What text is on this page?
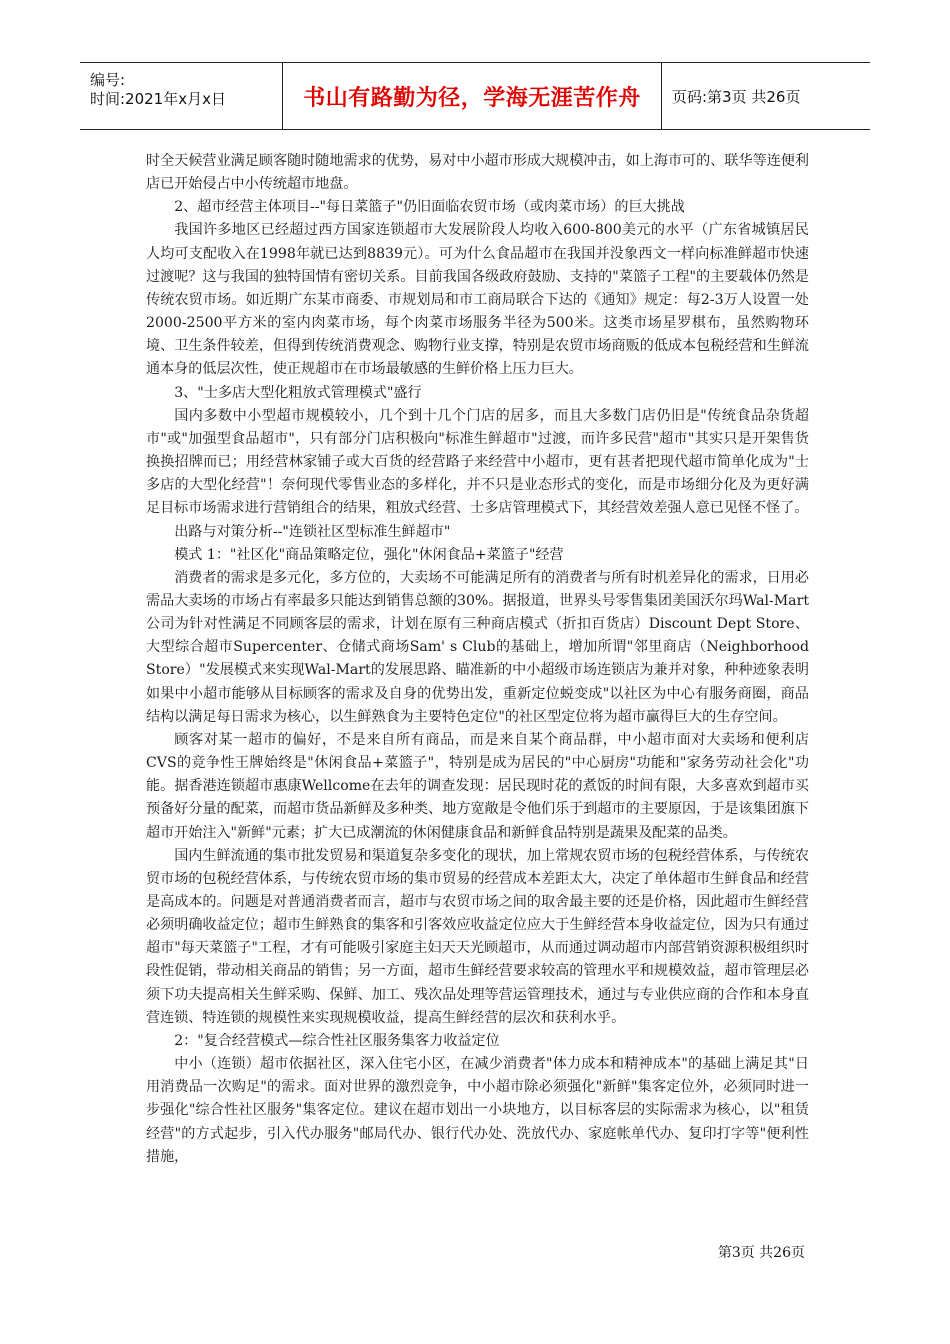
编号:
时间:2021年x月x日	书山有路勤为径，学海无涯苦作舟	页码:第3页 共26页

时全天候营业满足顾客随时随地需求的优势，易对中小超市形成大规模冲击，如上海市可的、联华等连便利店已开始侵占中小传统超市地盘。

2、超市经营主体项目--"每日菜篮子"仍旧面临农贸市场（或肉菜市场）的巨大挑战

我国许多地区已经超过西方国家连锁超市大发展阶段人均收入600-800美元的水平（广东省城镇居民人均可支配收入在1998年就已达到8839元）。可为什么食品超市在我国并没象西文一样向标准鲜超市快速过渡呢？这与我国的独特国情有密切关系。目前我国各级政府鼓励、支持的"菜篮子工程"的主要载体仍然是传统农贸市场。如近期广东某市商委、市规划局和市工商局联合下达的《通知》规定：每2-3万人设置一处2000-2500平方米的室内肉菜市场，每个肉菜市场服务半径为500米。这类市场星罗棋布，虽然购物环境、卫生条件较差，但得到传统消费观念、购物行业支撑，特别是农贸市场商贩的低成本包税经营和生鲜流通本身的低层次性，使正规超市在市场最敏感的生鲜价格上压力巨大。

3、"士多店大型化粗放式管理模式"盛行

国内多数中小型超市规模较小，几个到十几个门店的居多，而且大多数门店仍旧是"传统食品杂货超市"或"加强型食品超市"，只有部分门店积极向"标准生鲜超市"过渡，而许多民营"超市"其实只是开架售货换换招牌而已；用经营林家铺子或大百货的经营路子来经营中小超市，更有甚者把现代超市简单化成为"士多店的大型化经营"！奈何现代零售业态的多样化，并不只是业态形式的变化，而是市场细分化及为更好满足目标市场需求进行营销组合的结果，粗放式经营、士多店管理模式下，其经营效差强人意已见怪不怪了。

出路与对策分析--"连锁社区型标准生鲜超市"

模式 1："社区化"商品策略定位，强化"休闲食品+菜篮子"经营

消费者的需求是多元化，多方位的，大卖场不可能满足所有的消费者与所有时机差异化的需求，日用必需品大卖场的市场占有率最多只能达到销售总额的30%。据报道，世界头号零售集团美国沃尔玛Wal-Mart公司为针对性满足不同顾客层的需求，计划在原有三种商店模式（折扣百货店）Discount Dept Store、大型综合超市Supercenter、仓储式商场Sam' s Club的基础上，增加所谓"邻里商店（Neighborhood Store）"发展模式来实现Wal-Mart的发展思路、瞄准新的中小超级市场连锁店为兼并对象，种种迹象表明如果中小超市能够从目标顾客的需求及自身的优势出发，重新定位蜕变成"以社区为中心有服务商圈，商品结构以满足每日需求为核心，以生鲜熟食为主要特色定位"的社区型定位将为超市赢得巨大的生存空间。

顾客对某一超市的偏好，不是来自所有商品，而是来自某个商品群，中小超市面对大卖场和便利店CVS的竞争性王牌始终是"休闲食品+菜篮子"，特别是成为居民的"中心厨房"功能和"家务劳动社会化"功能。据香港连锁超市惠康Wellcome在去年的调查发现：居民现时花的煮饭的时间有限，大多喜欢到超市买预备好分量的配菜，而超市货品新鲜及多种类、地方宽敞是令他们乐于到超市的主要原因，于是该集团旗下超市开始注入"新鲜"元素；扩大已成潮流的休闲健康食品和新鲜食品特别是蔬果及配菜的品类。

国内生鲜流通的集市批发贸易和渠道复杂多变化的现状，加上常规农贸市场的包税经营体系，与传统农贸市场的包税经营体系，与传统农贸市场的集市贸易的经营成本差距太大，决定了单体超市生鲜食品和经营是高成本的。问题是对普通消费者而言，超市与农贸市场之间的取舍最主要的还是价格，因此超市生鲜经营必须明确收益定位；超市生鲜熟食的集客和引客效应收益定位应大于生鲜经营本身收益定位，因为只有通过超市"每天菜篮子"工程，才有可能吸引家庭主妇天天光顾超市，从而通过调动超市内部营销资源积极组织时段性促销，带动相关商品的销售；另一方面，超市生鲜经营要求较高的管理水平和规模效益，超市管理层必须下功夫提高相关生鲜采购、保鲜、加工、残次品处理等营运管理技术，通过与专业供应商的合作和本身直营连锁、特连锁的规模性来实现规模收益，提高生鲜经营的层次和获利水乎。

2："复合经营模式—综合性社区服务集客力收益定位

中小（连锁）超市依据社区，深入住宅小区，在减少消费者"体力成本和精神成本"的基础上满足其"日用消费品一次购足"的需求。面对世界的激烈竞争，中小超市除必须强化"新鲜"集客定位外，必须同时进一步强化"综合性社区服务"集客定位。建议在超市划出一小块地方，以目标客层的实际需求为核心，以"租赁经营"的方式起步，引入代办服务"邮局代办、银行代办处、洗放代办、家庭帐单代办、复印打字等"便利性措施，

第3页 共26页
